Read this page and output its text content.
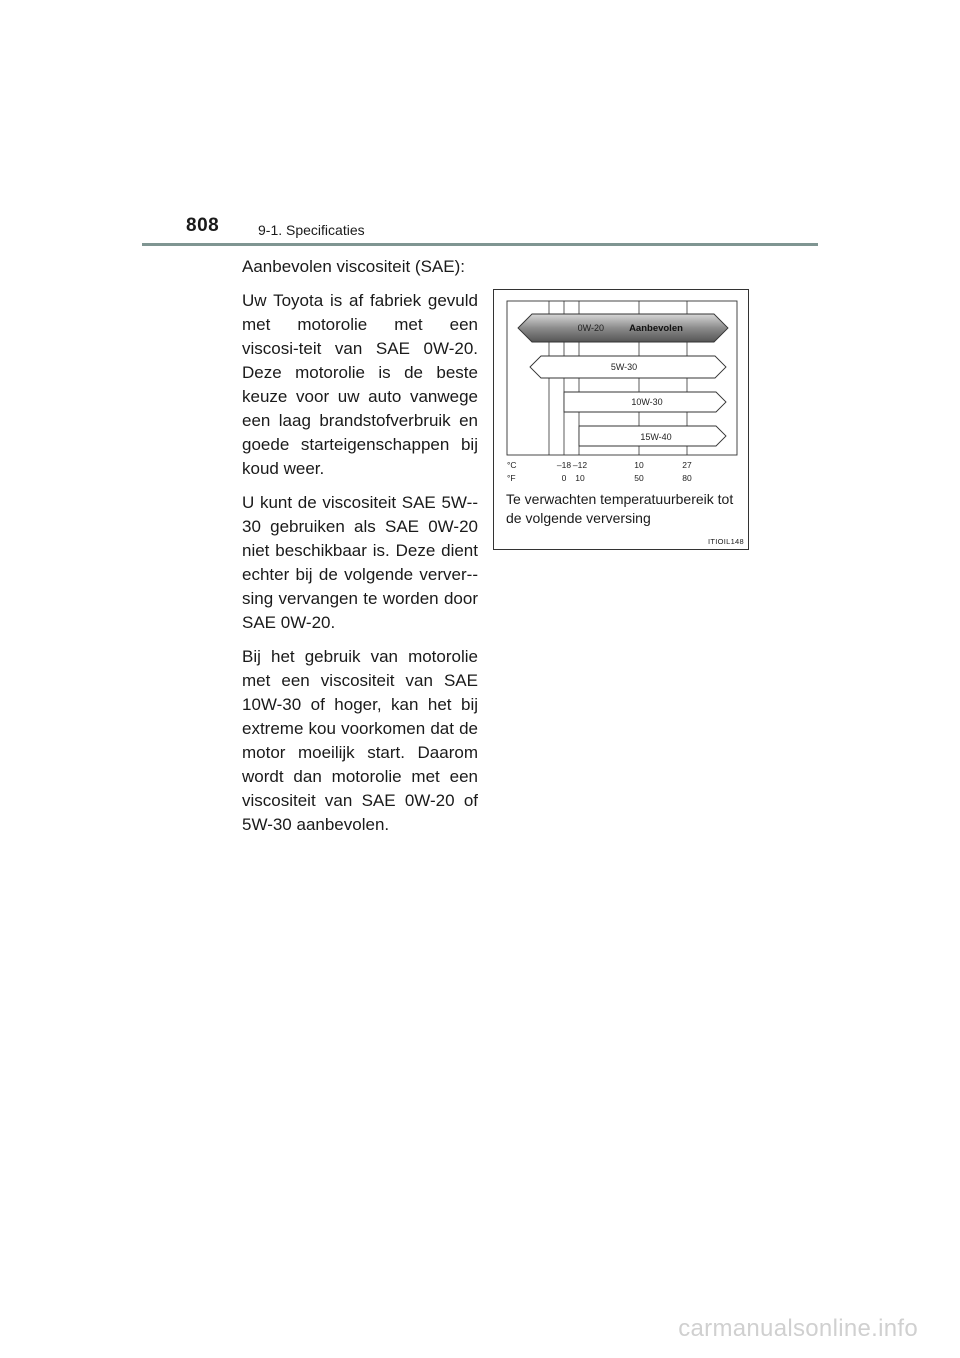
808	9-1. Specificaties

Aanbevolen viscositeit (SAE):

Uw Toyota is af fabriek gevuld met motorolie met een viscosi-teit van SAE 0W-20. Deze motorolie is de beste keuze voor uw auto vanwege een laag brandstofverbruik en goede starteigenschappen bij koud weer.

U kunt de viscositeit SAE 5W-30 gebruiken als SAE 0W-20 niet beschikbaar is. Deze dient echter bij de volgende verver-sing vervangen te worden door SAE 0W-20.

Bij het gebruik van motorolie met een viscositeit van SAE 10W-30 of hoger, kan het bij extreme kou voorkomen dat de motor moeilijk start. Daarom wordt dan motorolie met een viscositeit van SAE 0W-20 of 5W-30 aanbevolen.

0W-20	Aanbevolen
5W-30
10W-30
15W-40
°C	–18 –12	10	27
°F	0 10	50	80
Te verwachten temperatuurbereik tot de volgende verversing
ITIOIL148
carmanualsonline.info
